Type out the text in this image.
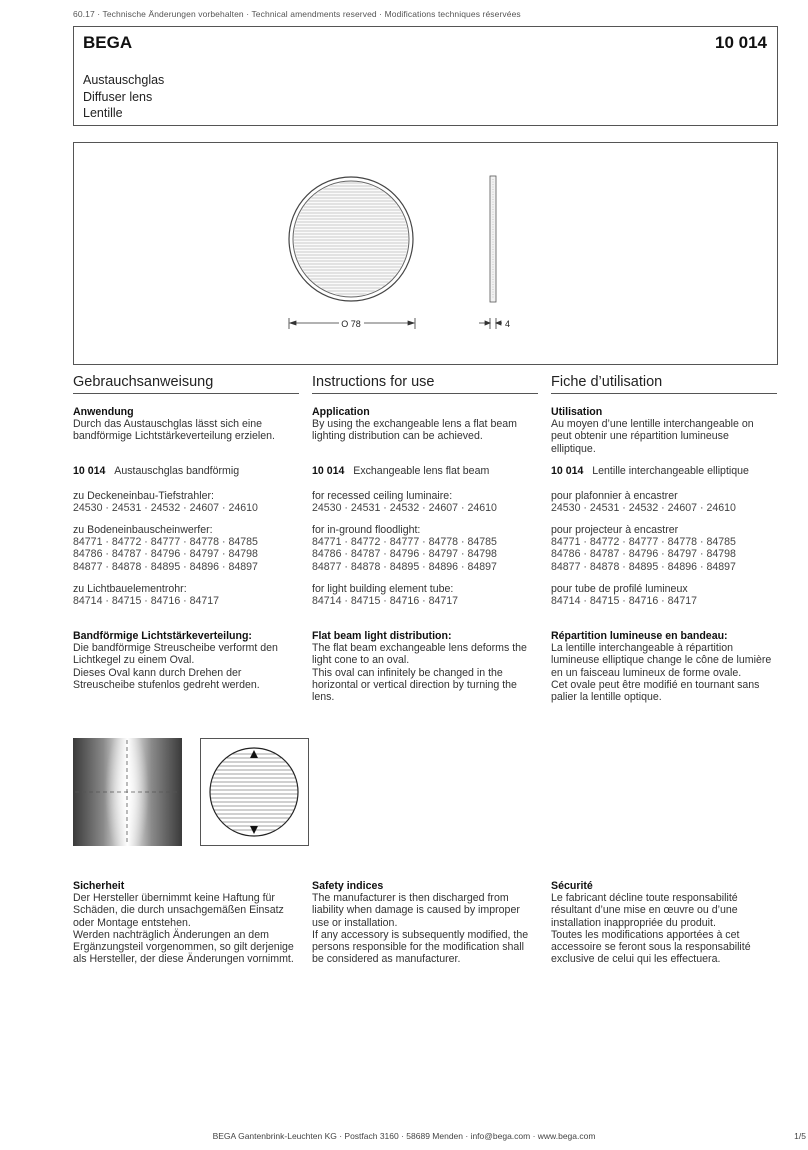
60.17 · Technische Änderungen vorbehalten · Technical amendments reserved · Modifications techniques réservées
BEGA	10 014
Austauschglas
Diffuser lens
Lentille
O 78	4
Gebrauchsanweisung
Anwendung
Durch das Austauschglas lässt sich eine
bandförmige Lichtstärkeverteilung erzielen.
10 014 Austauschglas bandförmig
zu Deckeneinbau-Tiefstrahler:
24530 · 24531 · 24532 · 24607 · 24610
zu Bodeneinbauscheinwerfer:
84771 · 84772 · 84777 · 84778 · 84785
84786 · 84787 · 84796 · 84797 · 84798
84877 · 84878 · 84895 · 84896 · 84897
zu Lichtbauelementrohr:
84714 · 84715 · 84716 · 84717
Bandförmige Lichtstärkeverteilung:
Die bandförmige Streuscheibe verformt den
Lichtkegel zu einem Oval.
Dieses Oval kann durch Drehen der
Streuscheibe stufenlos gedreht werden.
Sicherheit
Der Hersteller übernimmt keine Haftung für
Schäden, die durch unsachgemäßen Einsatz
oder Montage entstehen.
Werden nachträglich Änderungen an dem
Ergänzungsteil vorgenommen, so gilt derjenige
als Hersteller, der diese Änderungen vornimmt.
Instructions for use
Application
By using the exchangeable lens a flat beam
lighting distribution can be achieved.
10 014 Exchangeable lens flat beam
for recessed ceiling luminaire:
24530 · 24531 · 24532 · 24607 · 24610
for in-ground floodlight:
84771 · 84772 · 84777 · 84778 · 84785
84786 · 84787 · 84796 · 84797 · 84798
84877 · 84878 · 84895 · 84896 · 84897
for light building element tube:
84714 · 84715 · 84716 · 84717
Flat beam light distribution:
The flat beam exchangeable lens deforms the
light cone to an oval.
This oval can infinitely be changed in the
horizontal or vertical direction by turning the
lens.
Safety indices
The manufacturer is then discharged from
liability when damage is caused by improper
use or installation.
If any accessory is subsequently modified, the
persons responsible for the modification shall
be considered as manufacturer.
Fiche d’utilisation
Utilisation
Au moyen d’une lentille interchangeable on
peut obtenir une répartition lumineuse
elliptique.
10 014 Lentille interchangeable elliptique
pour plafonnier à encastrer
24530 · 24531 · 24532 · 24607 · 24610
pour projecteur à encastrer
84771 · 84772 · 84777 · 84778 · 84785
84786 · 84787 · 84796 · 84797 · 84798
84877 · 84878 · 84895 · 84896 · 84897
pour tube de profilé lumineux
84714 · 84715 · 84716 · 84717
Répartition lumineuse en bandeau:
La lentille interchangeable à répartition
lumineuse elliptique change le cône de lumière
en un faisceau lumineux de forme ovale.
Cet ovale peut être modifié en tournant sans
palier la lentille optique.
Sécurité
Le fabricant décline toute responsabilité
résultant d’une mise en œuvre ou d’une
installation inappropriée du produit.
Toutes les modifications apportées à cet
accessoire se feront sous la responsabilité
exclusive de celui qui les effectuera.
BEGA Gantenbrink-Leuchten KG · Postfach 3160 · 58689 Menden · info@bega.com · www.bega.com	1/5
